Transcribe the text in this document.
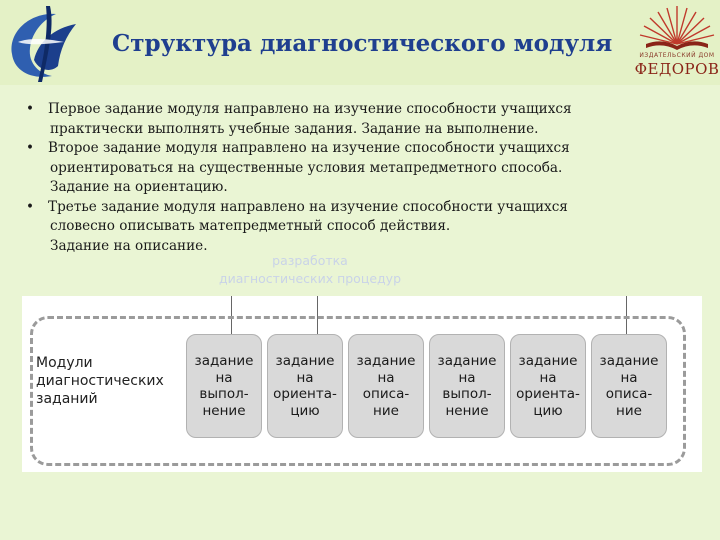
Структура диагностического модуля	ИЗДАТЕЛЬСКИЙ ДОМ
ФЕДОРОВ
• Первое задание модуля направлено на изучение способности учащихся
практически выполнять учебные задания. Задание на выполнение.
• Второе задание модуля направлено на изучение способности учащихся
ориентироваться на существенные условия метапредметного способа.
Задание на ориентацию.
• Третье задание модуля направлено на изучение способности учащихся
словесно описывать матепредметный способ действия.
Задание на описание.
разработка
диагностических процедур
Модули
диагностических
заданий
задание
на
выпол-
нение
задание
на
ориента-
цию
задание
на
описа-
ние
задание
на
выпол-
нение
задание
на
ориента-
цию
задание
на
описа-
ние
